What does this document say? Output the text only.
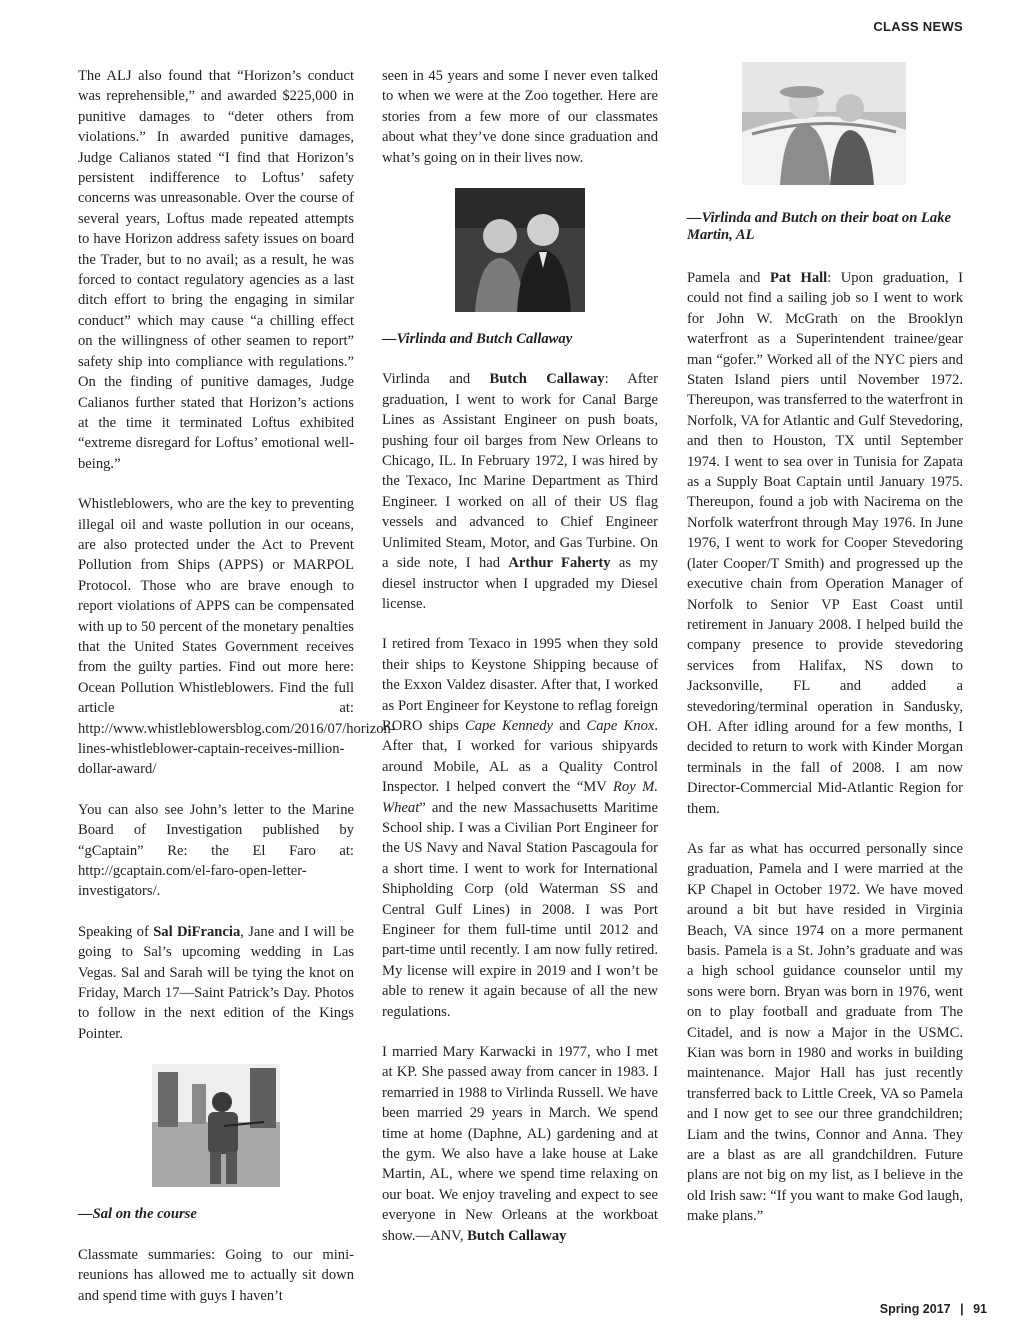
CLASS NEWS

The ALJ also found that “Horizon’s conduct was reprehensible,” and awarded $225,000 in punitive damages to “deter others from violations.” In awarded punitive damages, Judge Calianos stated “I find that Horizon’s persistent indifference to Loftus’ safety concerns was unreasonable. Over the course of several years, Loftus made repeated attempts to have Horizon address safety issues on board the Trader, but to no avail; as a result, he was forced to contact regulatory agencies as a last ditch effort to bring the engaging in similar conduct” which may cause “a chilling effect on the willingness of other seamen to report” safety ship into compliance with regulations.” On the finding of punitive damages, Judge Calianos further stated that Horizon’s actions at the time it terminated Loftus exhibited “extreme disregard for Loftus’ emotional well-being.”

Whistleblowers, who are the key to preventing illegal oil and waste pollution in our oceans, are also protected under the Act to Prevent Pollution from Ships (APPS) or MARPOL Protocol. Those who are brave enough to report violations of APPS can be compensated with up to 50 percent of the monetary penalties that the United States Government receives from the guilty parties. Find out more here: Ocean Pollution Whistleblowers. Find the full article at: http://www.whistleblowersblog.com/2016/07/horizon-lines-whistleblower-captain-receives-million-dollar-award/

You can also see John’s letter to the Marine Board of Investigation published by “gCaptain” Re: the El Faro at: http://gcaptain.com/el-faro-open-letter-investigators/.

Speaking of Sal DiFrancia, Jane and I will be going to Sal’s upcoming wedding in Las Vegas. Sal and Sarah will be tying the knot on Friday, March 17—Saint Patrick’s Day. Photos to follow in the next edition of the Kings Pointer.

—Sal on the course

Classmate summaries: Going to our mini-reunions has allowed me to actually sit down and spend time with guys I haven’t

seen in 45 years and some I never even talked to when we were at the Zoo together. Here are stories from a few more of our classmates about what they’ve done since graduation and what’s going on in their lives now.

—Virlinda and Butch Callaway

Virlinda and Butch Callaway: After graduation, I went to work for Canal Barge Lines as Assistant Engineer on push boats, pushing four oil barges from New Orleans to Chicago, IL. In February 1972, I was hired by the Texaco, Inc Marine Department as Third Engineer. I worked on all of their US flag vessels and advanced to Chief Engineer Unlimited Steam, Motor, and Gas Turbine. On a side note, I had Arthur Faherty as my diesel instructor when I upgraded my Diesel license.

I retired from Texaco in 1995 when they sold their ships to Keystone Shipping because of the Exxon Valdez disaster. After that, I worked as Port Engineer for Keystone to reflag foreign RORO ships Cape Kennedy and Cape Knox. After that, I worked for various shipyards around Mobile, AL as a Quality Control Inspector. I helped convert the “MV Roy M. Wheat” and the new Massachusetts Maritime School ship. I was a Civilian Port Engineer for the US Navy and Naval Station Pascagoula for a short time. I went to work for International Shipholding Corp (old Waterman SS and Central Gulf Lines) in 2008. I was Port Engineer for them full-time until 2012 and part-time until recently. I am now fully retired. My license will expire in 2019 and I won’t be able to renew it again because of all the new regulations.

I married Mary Karwacki in 1977, who I met at KP. She passed away from cancer in 1983. I remarried in 1988 to Virlinda Russell. We have been married 29 years in March. We spend time at home (Daphne, AL) gardening and at the gym. We also have a lake house at Lake Martin, AL, where we spend time relaxing on our boat. We enjoy traveling and expect to see everyone in New Orleans at the workboat show.—ANV, Butch Callaway

—Virlinda and Butch on their boat on Lake Martin, AL

Pamela and Pat Hall: Upon graduation, I could not find a sailing job so I went to work for John W. McGrath on the Brooklyn waterfront as a Superintendent trainee/gear man “gofer.” Worked all of the NYC piers and Staten Island piers until November 1972. Thereupon, was transferred to the waterfront in Norfolk, VA for Atlantic and Gulf Stevedoring, and then to Houston, TX until September 1974. I went to sea over in Tunisia for Zapata as a Supply Boat Captain until January 1975. Thereupon, found a job with Nacirema on the Norfolk waterfront through May 1976. In June 1976, I went to work for Cooper Stevedoring (later Cooper/T Smith) and progressed up the executive chain from Operation Manager of Norfolk to Senior VP East Coast until retirement in January 2008. I helped build the company presence to provide stevedoring services from Halifax, NS down to Jacksonville, FL and added a stevedoring/terminal operation in Sandusky, OH. After idling around for a few months, I decided to return to work with Kinder Morgan terminals in the fall of 2008. I am now Director-Commercial Mid-Atlantic Region for them.

As far as what has occurred personally since graduation, Pamela and I were married at the KP Chapel in October 1972. We have moved around a bit but have resided in Virginia Beach, VA since 1974 on a more permanent basis. Pamela is a St. John’s graduate and was a high school guidance counselor until my sons were born. Bryan was born in 1976, went on to play football and graduate from The Citadel, and is now a Major in the USMC. Kian was born in 1980 and works in building maintenance. Major Hall has just recently transferred back to Little Creek, VA so Pamela and I now get to see our three grandchildren; Liam and the twins, Connor and Anna. They are a blast as are all grandchildren. Future plans are not big on my list, as I believe in the old Irish saw: “If you want to make God laugh, make plans.”

Spring 2017 | 91
